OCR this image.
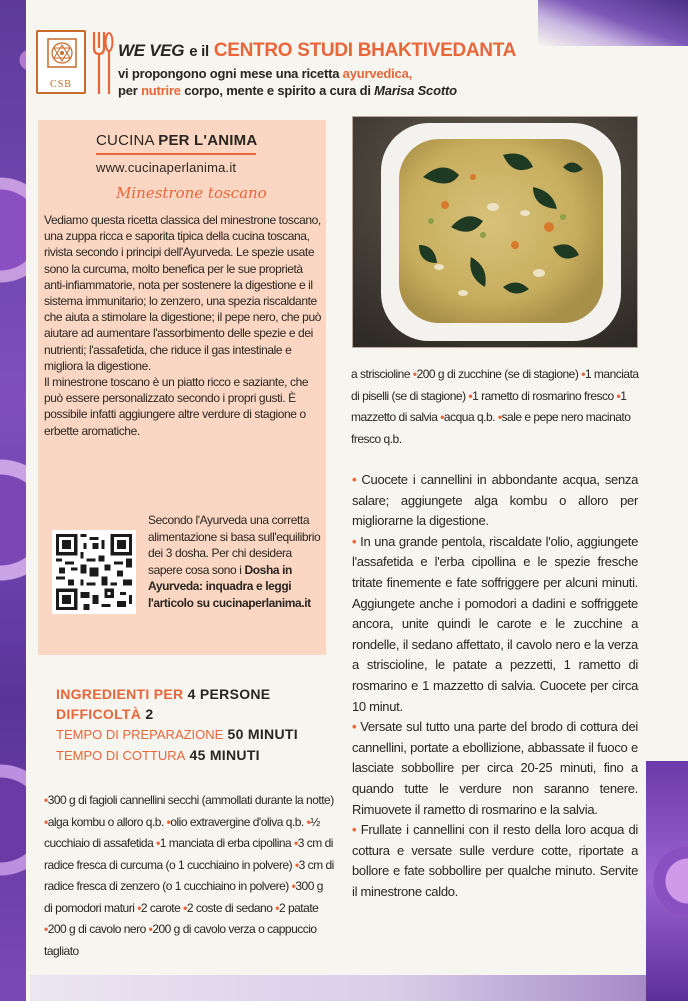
CSB
WE VEG e il CENTRO STUDI BHAKTIVEDANTA
vi propongono ogni mese una ricetta ayurvedica,
per nutrire corpo, mente e spirito a cura di Marisa Scotto
CUCINA PER L'ANIMA
www.cucinaperlanima.it
Minestrone toscano

Vediamo questa ricetta classica del minestrone toscano, una zuppa ricca e saporita tipica della cucina toscana, rivista secondo i principi dell'Ayurveda. Le spezie usate sono la curcuma, molto benefica per le sue proprietà anti-infiammatorie, nota per sostenere la digestione e il sistema immunitario; lo zenzero, una spezia riscaldante che aiuta a stimolare la digestione; il pepe nero, che può aiutare ad aumentare l'assorbimento delle spezie e dei nutrienti; l'assafetida, che riduce il gas intestinale e migliora la digestione.

Il minestrone toscano è un piatto ricco e saziante, che può essere personalizzato secondo i propri gusti. È possibile infatti aggiungere altre verdure di stagione o erbette aromatiche.

Secondo l'Ayurveda una corretta alimentazione si basa sull'equilibrio dei 3 dosha. Per chi desidera sapere cosa sono i Dosha in Ayurveda: inquadra e leggi l'articolo su cucinaperlanima.it
INGREDIENTI PER 4 PERSONE
DIFFICOLTÀ 2
TEMPO DI PREPARAZIONE 50 MINUTI
TEMPO DI COTTURA 45 MINUTI
•300 g di fagioli cannellini secchi (ammollati durante la notte) •alga kombu o alloro q.b. •olio extravergine d'oliva q.b. •½ cucchiaio di assafetida •1 manciata di erba cipollina •3 cm di radice fresca di curcuma (o 1 cucchiaino in polvere) •3 cm di radice fresca di zenzero (o 1 cucchiaino in polvere) •300 g di pomodori maturi •2 carote •2 coste di sedano •2 patate •200 g di cavolo nero •200 g di cavolo verza o cappuccio tagliato
a striscioline •200 g di zucchine (se di stagione) •1 manciata di piselli (se di stagione) •1 rametto di rosmarino fresco •1 mazzetto di salvia •acqua q.b. •sale e pepe nero macinato fresco q.b.

• Cuocete i cannellini in abbondante acqua, senza salare; aggiungete alga kombu o alloro per migliorarne la digestione.

• In una grande pentola, riscaldate l'olio, aggiungete l'assafetida e l'erba cipollina e le spezie fresche tritate finemente e fate soffriggere per alcuni minuti. Aggiungete anche i pomodori a dadini e soffriggete ancora, unite quindi le carote e le zucchine a rondelle, il sedano affettato, il cavolo nero e la verza a striscioline, le patate a pezzetti, 1 rametto di rosmarino e 1 mazzetto di salvia. Cuocete per circa 10 minut.

• Versate sul tutto una parte del brodo di cottura dei cannellini, portate a ebollizione, abbassate il fuoco e lasciate sobbollire per circa 20-25 minuti, fino a quando tutte le verdure non saranno tenere. Rimuovete il rametto di rosmarino e la salvia.

• Frullate i cannellini con il resto della loro acqua di cottura e versate sulle verdure cotte, riportate a bollore e fate sobbollire per qualche minuto. Servite il minestrone caldo.
